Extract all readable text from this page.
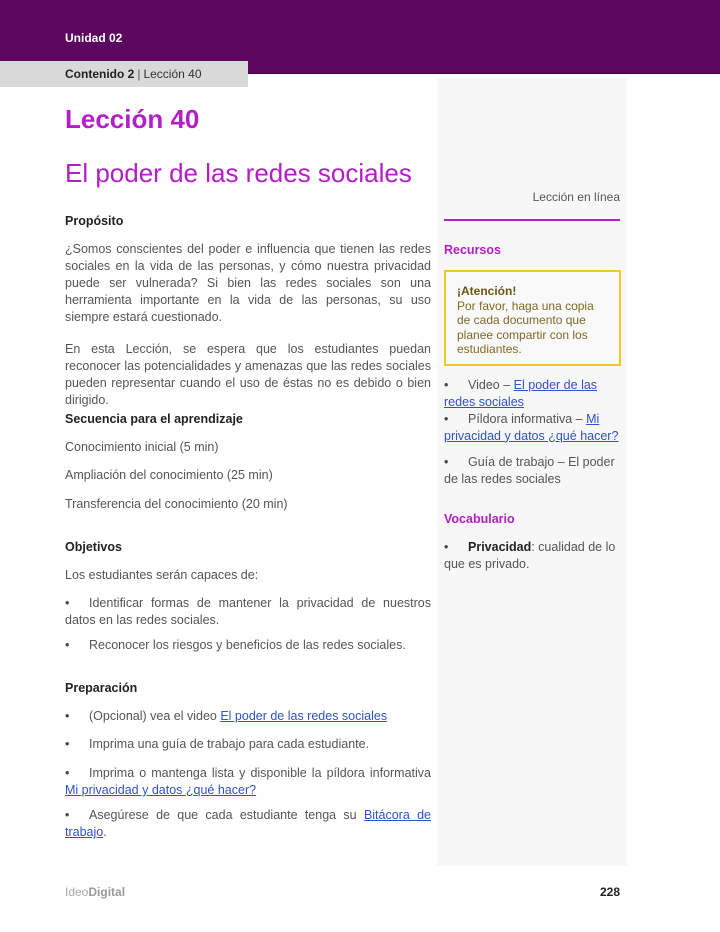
Unidad 02
Contenido 2 | Lección 40
Lección 40
El poder de las redes sociales
Propósito

¿Somos conscientes del poder e influencia que tienen las redes sociales en la vida de las personas, y cómo nuestra privacidad puede ser vulnerada? Si bien las redes sociales son una herramienta importante en la vida de las personas, su uso siempre estará cuestionado.

En esta Lección, se espera que los estudiantes puedan reconocer las potencialidades y amenazas que las redes sociales pueden representar cuando el uso de éstas no es debido o bien dirigido.

Secuencia para el aprendizaje
Conocimiento inicial (5 min)
Ampliación del conocimiento (25 min)
Transferencia del conocimiento (20 min)
Objetivos
Los estudiantes serán capaces de:
• Identificar formas de mantener la privacidad de nuestros datos en las redes sociales.
• Reconocer los riesgos y beneficios de las redes sociales.
Preparación
• (Opcional) vea el video El poder de las redes sociales
• Imprima una guía de trabajo para cada estudiante.
• Imprima o mantenga lista y disponible la píldora informativa Mi privacidad y datos ¿qué hacer?
• Asegúrese de que cada estudiante tenga su Bitácora de trabajo.
Lección en línea
Recursos
¡Atención!
Por favor, haga una copia de cada documento que planee compartir con los estudiantes.
• Video – El poder de las redes sociales
• Píldora informativa – Mi privacidad y datos ¿qué hacer?
• Guía de trabajo – El poder de las redes sociales
Vocabulario
• Privacidad: cualidad de lo que es privado.
IdeoDigital	228
